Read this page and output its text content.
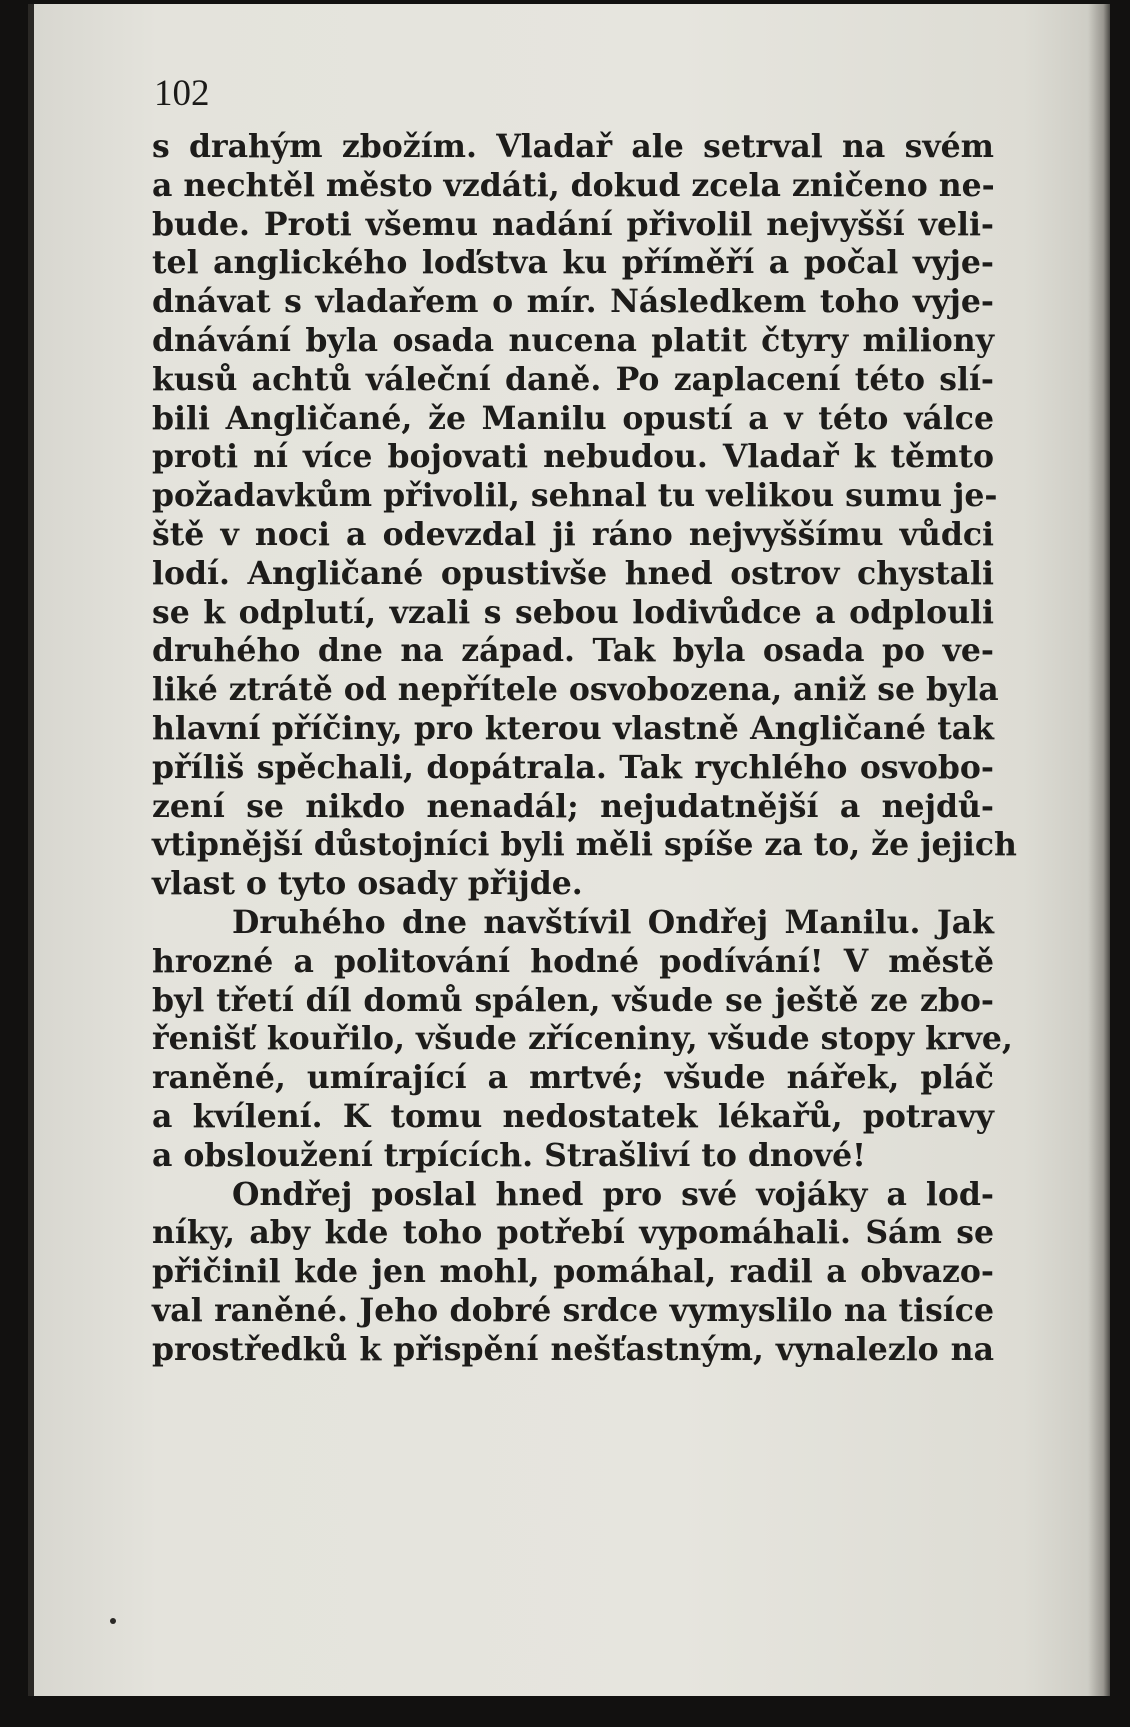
102
s drahým zbožím. Vladař ale setrval na svém
a nechtěl město vzdáti, dokud zcela zničeno ne-
bude. Proti všemu nadání přivolil nejvyšší veli-
tel anglického loďstva ku příměří a počal vyje-
dnávat s vladařem o mír. Následkem toho vyje-
dnávání byla osada nucena platit čtyry miliony
kusů achtů váleční daně. Po zaplacení této slí-
bili Angličané, že Manilu opustí a v této válce
proti ní více bojovati nebudou. Vladař k těmto
požadavkům přivolil, sehnal tu velikou sumu je-
ště v noci a odevzdal ji ráno nejvyššímu vůdci
lodí. Angličané opustivše hned ostrov chystali
se k odplutí, vzali s sebou lodivůdce a odplouli
druhého dne na západ. Tak byla osada po ve-
liké ztrátě od nepřítele osvobozena, aniž se byla
hlavní příčiny, pro kterou vlastně Angličané tak
příliš spěchali, dopátrala. Tak rychlého osvobo-
zení se nikdo nenadál; nejudatnější a nejdů-
vtipnější důstojníci byli měli spíše za to, že jejich
vlast o tyto osady přijde.
Druhého dne navštívil Ondřej Manilu. Jak
hrozné a politování hodné podívání! V městě
byl třetí díl domů spálen, všude se ještě ze zbo-
řenišť kouřilo, všude zříceniny, všude stopy krve,
raněné, umírající a mrtvé; všude nářek, pláč
a kvílení. K tomu nedostatek lékařů, potravy
a obsloužení trpících. Strašliví to dnové!
Ondřej poslal hned pro své vojáky a lod-
níky, aby kde toho potřebí vypomáhali. Sám se
přičinil kde jen mohl, pomáhal, radil a obvazo-
val raněné. Jeho dobré srdce vymyslilo na tisíce
prostředků k přispění nešťastným, vynalezlo na
